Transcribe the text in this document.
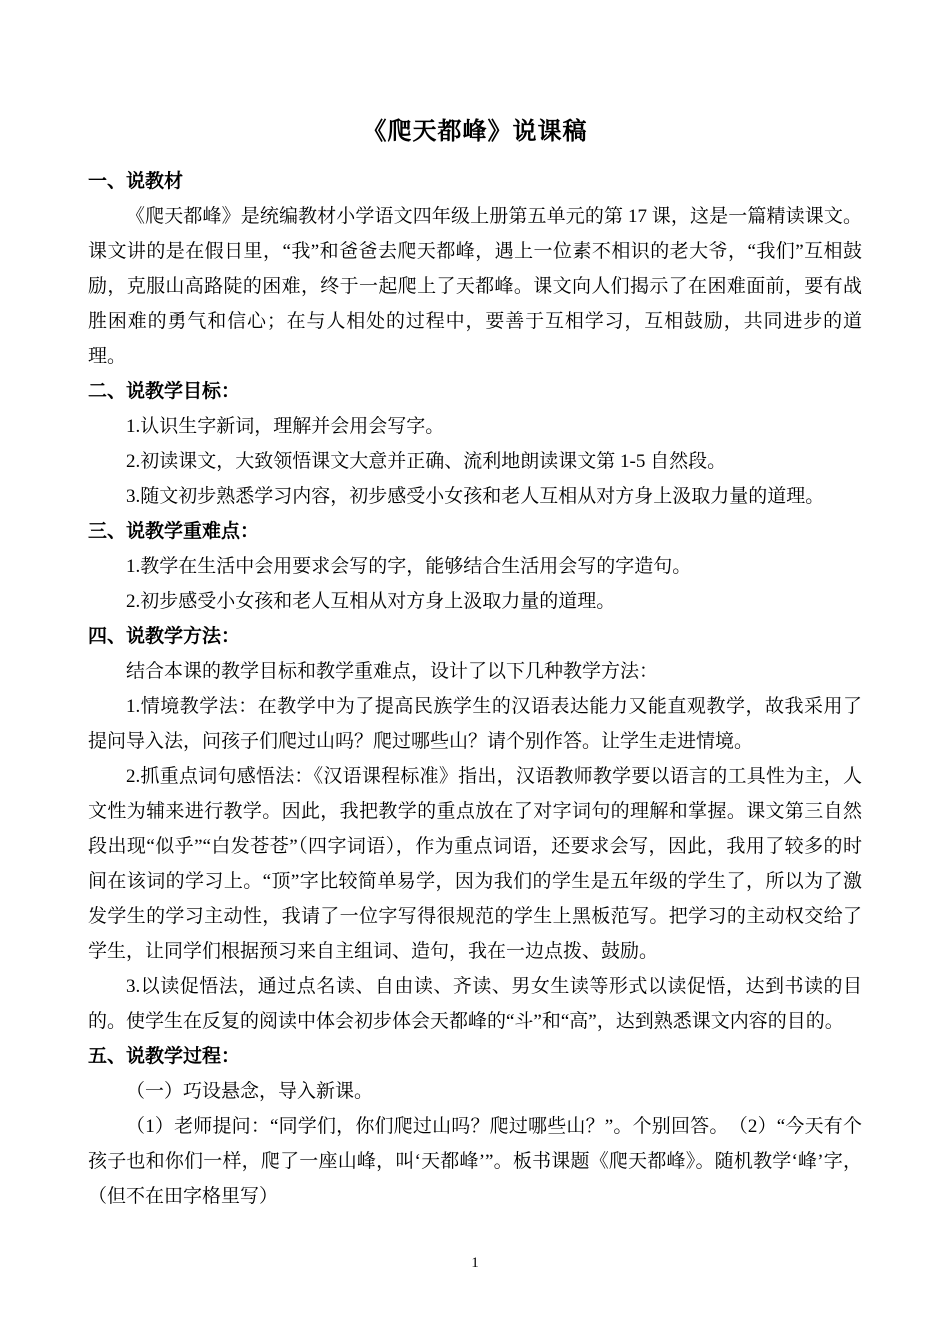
《爬天都峰》说课稿
一、说教材

《爬天都峰》是统编教材小学语文四年级上册第五单元的第 17 课，这是一篇精读课文。课文讲的是在假日里，“我”和爸爸去爬天都峰，遇上一位素不相识的老大爷，“我们”互相鼓励，克服山高路陡的困难，终于一起爬上了天都峰。课文向人们揭示了在困难面前，要有战胜困难的勇气和信心；在与人相处的过程中，要善于互相学习，互相鼓励，共同进步的道理。

二、说教学目标：

1.认识生字新词，理解并会用会写字。

2.初读课文，大致领悟课文大意并正确、流利地朗读课文第 1-5 自然段。

3.随文初步熟悉学习内容，初步感受小女孩和老人互相从对方身上汲取力量的道理。

三、说教学重难点：

1.教学在生活中会用要求会写的字，能够结合生活用会写的字造句。

2.初步感受小女孩和老人互相从对方身上汲取力量的道理。

四、说教学方法：

结合本课的教学目标和教学重难点，设计了以下几种教学方法：

1.情境教学法：在教学中为了提高民族学生的汉语表达能力又能直观教学，故我采用了提问导入法，问孩子们爬过山吗？爬过哪些山？请个别作答。让学生走进情境。

2.抓重点词句感悟法：《汉语课程标准》指出，汉语教师教学要以语言的工具性为主，人文性为辅来进行教学。因此，我把教学的重点放在了对字词句的理解和掌握。课文第三自然段出现“似乎”“白发苍苍”（四字词语），作为重点词语，还要求会写，因此，我用了较多的时间在该词的学习上。“顶”字比较简单易学，因为我们的学生是五年级的学生了，所以为了激发学生的学习主动性，我请了一位字写得很规范的学生上黑板范写。把学习的主动权交给了学生，让同学们根据预习来自主组词、造句，我在一边点拨、鼓励。

3.以读促悟法，通过点名读、自由读、齐读、男女生读等形式以读促悟，达到书读的目的。使学生在反复的阅读中体会初步体会天都峰的“斗”和“高”，达到熟悉课文内容的目的。

五、说教学过程：

（一）巧设悬念，导入新课。

（1）老师提问：“同学们，你们爬过山吗？爬过哪些山？”。个别回答。　（2）“今天有个孩子也和你们一样，爬了一座山峰，叫‘天都峰’”。板书课题《爬天都峰》。随机教学‘峰’字，（但不在田字格里写）

1
